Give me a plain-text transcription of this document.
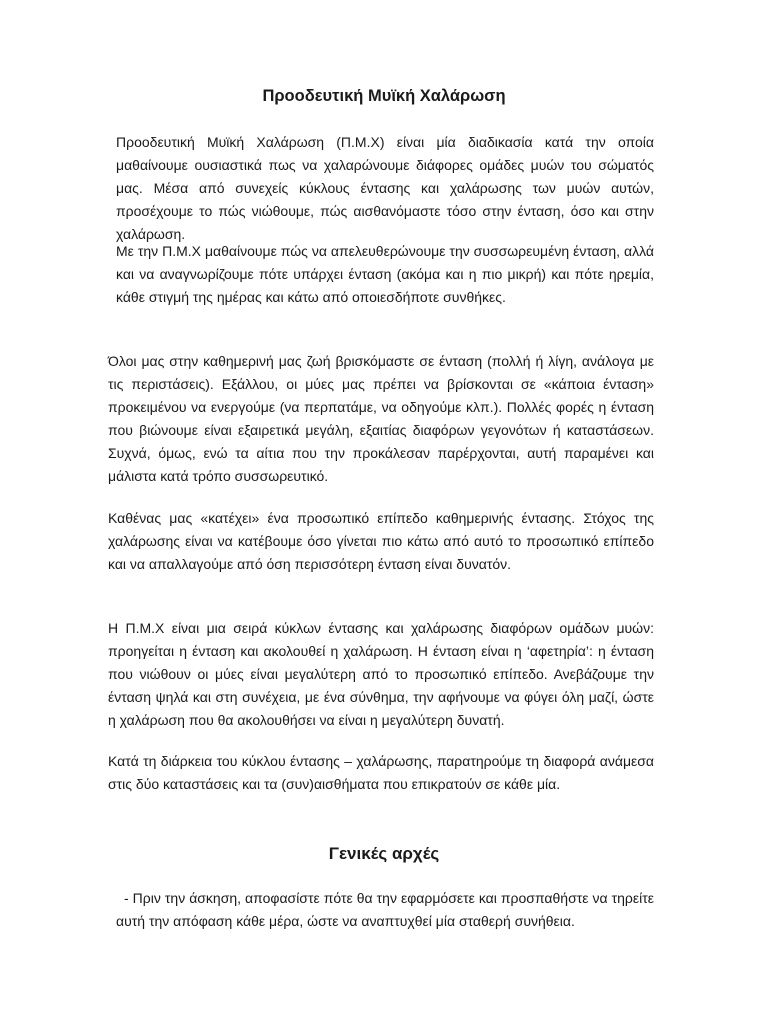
Προοδευτική Μυϊκή Χαλάρωση

Προοδευτική Μυϊκή Χαλάρωση (Π.Μ.Χ) είναι μία διαδικασία κατά την οποία μαθαίνουμε ουσιαστικά πως να χαλαρώνουμε διάφορες ομάδες μυών του σώματός μας. Μέσα από συνεχείς κύκλους έντασης και χαλάρωσης των μυών αυτών, προσέχουμε το πώς νιώθουμε, πώς αισθανόμαστε τόσο στην ένταση, όσο και στην χαλάρωση.

Με την Π.Μ.Χ μαθαίνουμε πώς να απελευθερώνουμε την συσσωρευμένη ένταση, αλλά και να αναγνωρίζουμε πότε υπάρχει ένταση (ακόμα και η πιο μικρή) και πότε ηρεμία, κάθε στιγμή της ημέρας και κάτω από οποιεσδήποτε συνθήκες.

Όλοι μας στην καθημερινή μας ζωή βρισκόμαστε σε ένταση (πολλή ή λίγη, ανάλογα με τις περιστάσεις). Εξάλλου, οι μύες μας πρέπει να βρίσκονται σε «κάποια ένταση» προκειμένου να ενεργούμε (να περπατάμε, να οδηγούμε κλπ.). Πολλές φορές η ένταση που βιώνουμε είναι εξαιρετικά μεγάλη, εξαιτίας διαφόρων γεγονότων ή καταστάσεων. Συχνά, όμως, ενώ τα αίτια που την προκάλεσαν παρέρχονται, αυτή παραμένει και μάλιστα κατά τρόπο συσσωρευτικό.

Καθένας μας «κατέχει» ένα προσωπικό επίπεδο καθημερινής έντασης. Στόχος της χαλάρωσης είναι να κατέβουμε όσο γίνεται πιο κάτω από αυτό το προσωπικό επίπεδο και να απαλλαγούμε από όση περισσότερη ένταση είναι δυνατόν.

Η Π.Μ.Χ είναι μια σειρά κύκλων έντασης και χαλάρωσης διαφόρων ομάδων μυών: προηγείται η ένταση και ακολουθεί η χαλάρωση. Η ένταση είναι η ‘αφετηρία’: η ένταση που νιώθουν οι μύες είναι μεγαλύτερη από το προσωπικό επίπεδο. Ανεβάζουμε την ένταση ψηλά και στη συνέχεια, με ένα σύνθημα, την αφήνουμε να φύγει όλη μαζί, ώστε η χαλάρωση που θα ακολουθήσει να είναι η μεγαλύτερη δυνατή.

Κατά τη διάρκεια του κύκλου έντασης – χαλάρωσης, παρατηρούμε τη διαφορά ανάμεσα στις δύο καταστάσεις και τα (συν)αισθήματα που επικρατούν σε κάθε μία.

Γενικές αρχές

- Πριν την άσκηση, αποφασίστε πότε θα την εφαρμόσετε και προσπαθήστε να τηρείτε αυτή την απόφαση κάθε μέρα, ώστε να αναπτυχθεί μία σταθερή συνήθεια.
